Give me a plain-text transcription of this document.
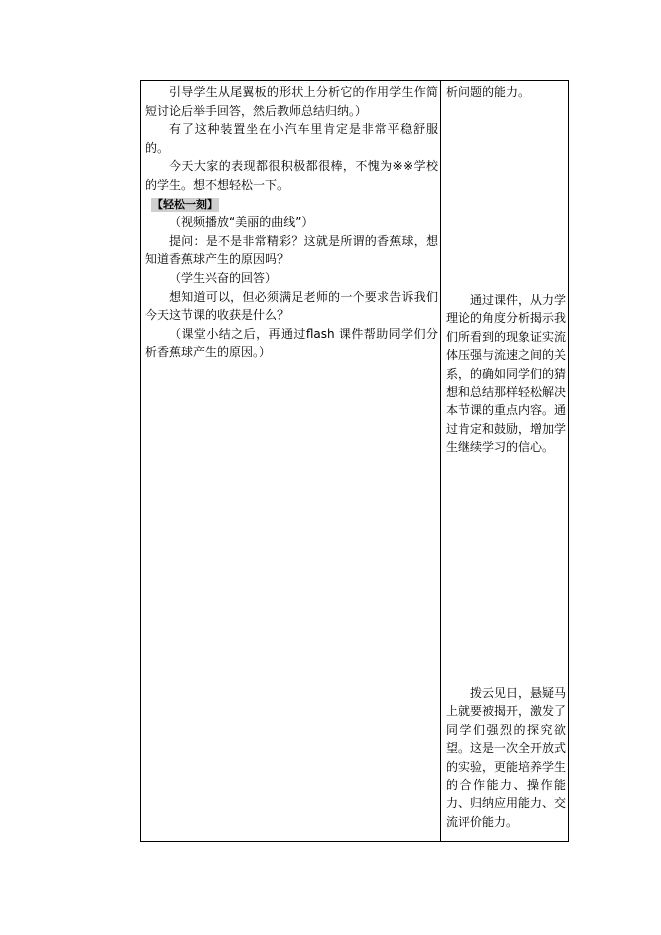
引导学生从尾翼板的形状上分析它的作用学生作简短讨论后举手回答，然后教师总结归纳。）

有了这种装置坐在小汽车里肯定是非常平稳舒服的。

今天大家的表现都很积极都很棒，不愧为※※学校的学生。想不想轻松一下。

【轻松一刻】

（视频播放“美丽的曲线”）

提问：是不是非常精彩？这就是所谓的香蕉球，想知道香蕉球产生的原因吗？

（学生兴奋的回答）

想知道可以，但必须满足老师的一个要求告诉我们今天这节课的收获是什么？

（课堂小结之后，再通过flash 课件帮助同学们分析香蕉球产生的原因。）

析问题的能力。

通过课件，从力学理论的角度分析揭示我们所看到的现象证实流体压强与流速之间的关系，的确如同学们的猜想和总结那样轻松解决本节课的重点内容。通过肯定和鼓励，增加学生继续学习的信心。

拨云见日，悬疑马上就要被揭开，激发了同学们强烈的探究欲望。这是一次全开放式的实验，更能培养学生的合作能力、操作能力、归纳应用能力、交流评价能力。
